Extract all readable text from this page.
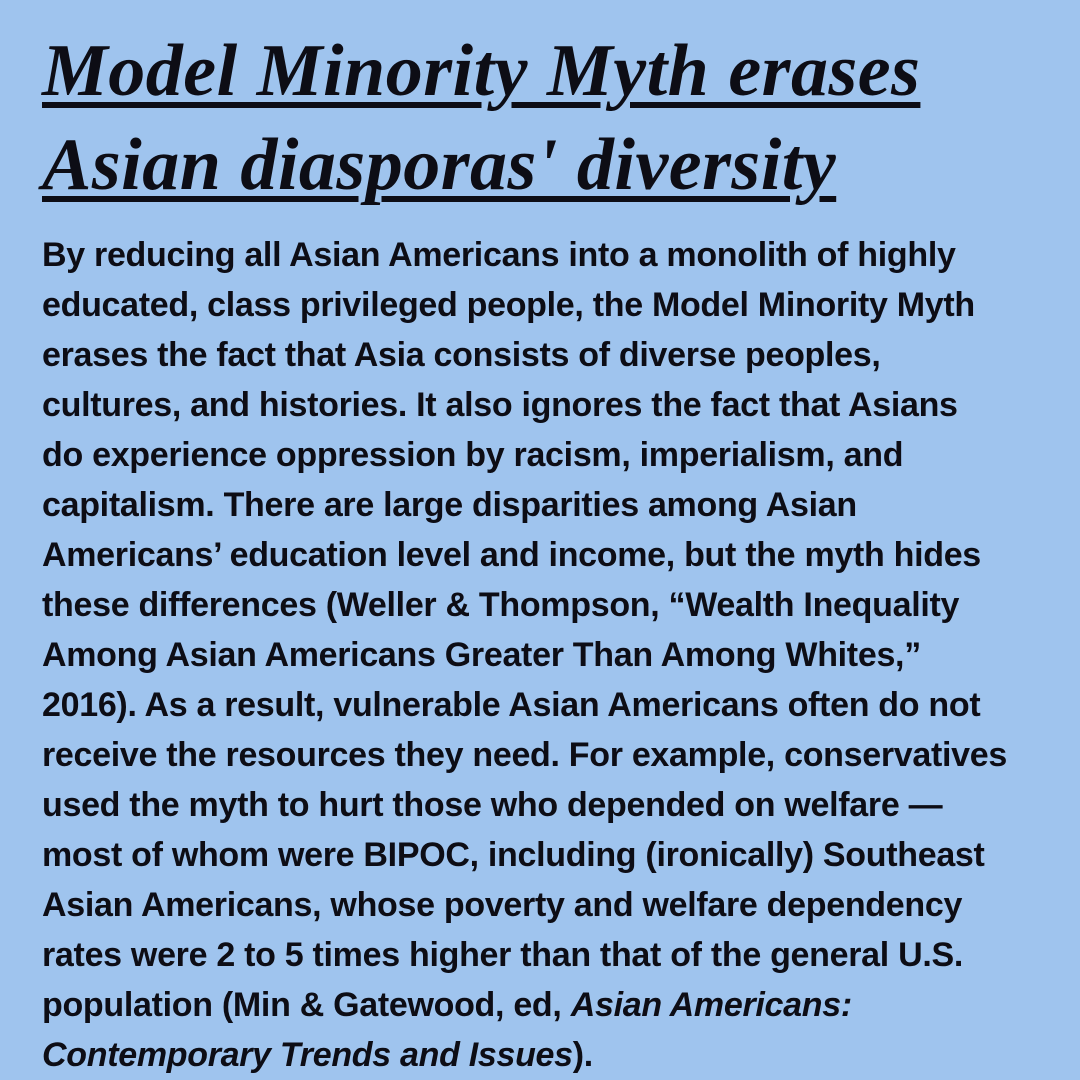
Model Minority Myth erases
Asian diasporas' diversity
By reducing all Asian Americans into a monolith of highly
educated, class privileged people, the Model Minority Myth
erases the fact that Asia consists of diverse peoples,
cultures, and histories. It also ignores the fact that Asians
do experience oppression by racism, imperialism, and
capitalism. There are large disparities among Asian
Americans’ education level and income, but the myth hides
these differences (Weller & Thompson, “Wealth Inequality
Among Asian Americans Greater Than Among Whites,”
2016). As a result, vulnerable Asian Americans often do not
receive the resources they need. For example, conservatives
used the myth to hurt those who depended on welfare —
most of whom were BIPOC, including (ironically) Southeast
Asian Americans, whose poverty and welfare dependency
rates were 2 to 5 times higher than that of the general U.S.
population (Min & Gatewood, ed, Asian Americans:
Contemporary Trends and Issues).
